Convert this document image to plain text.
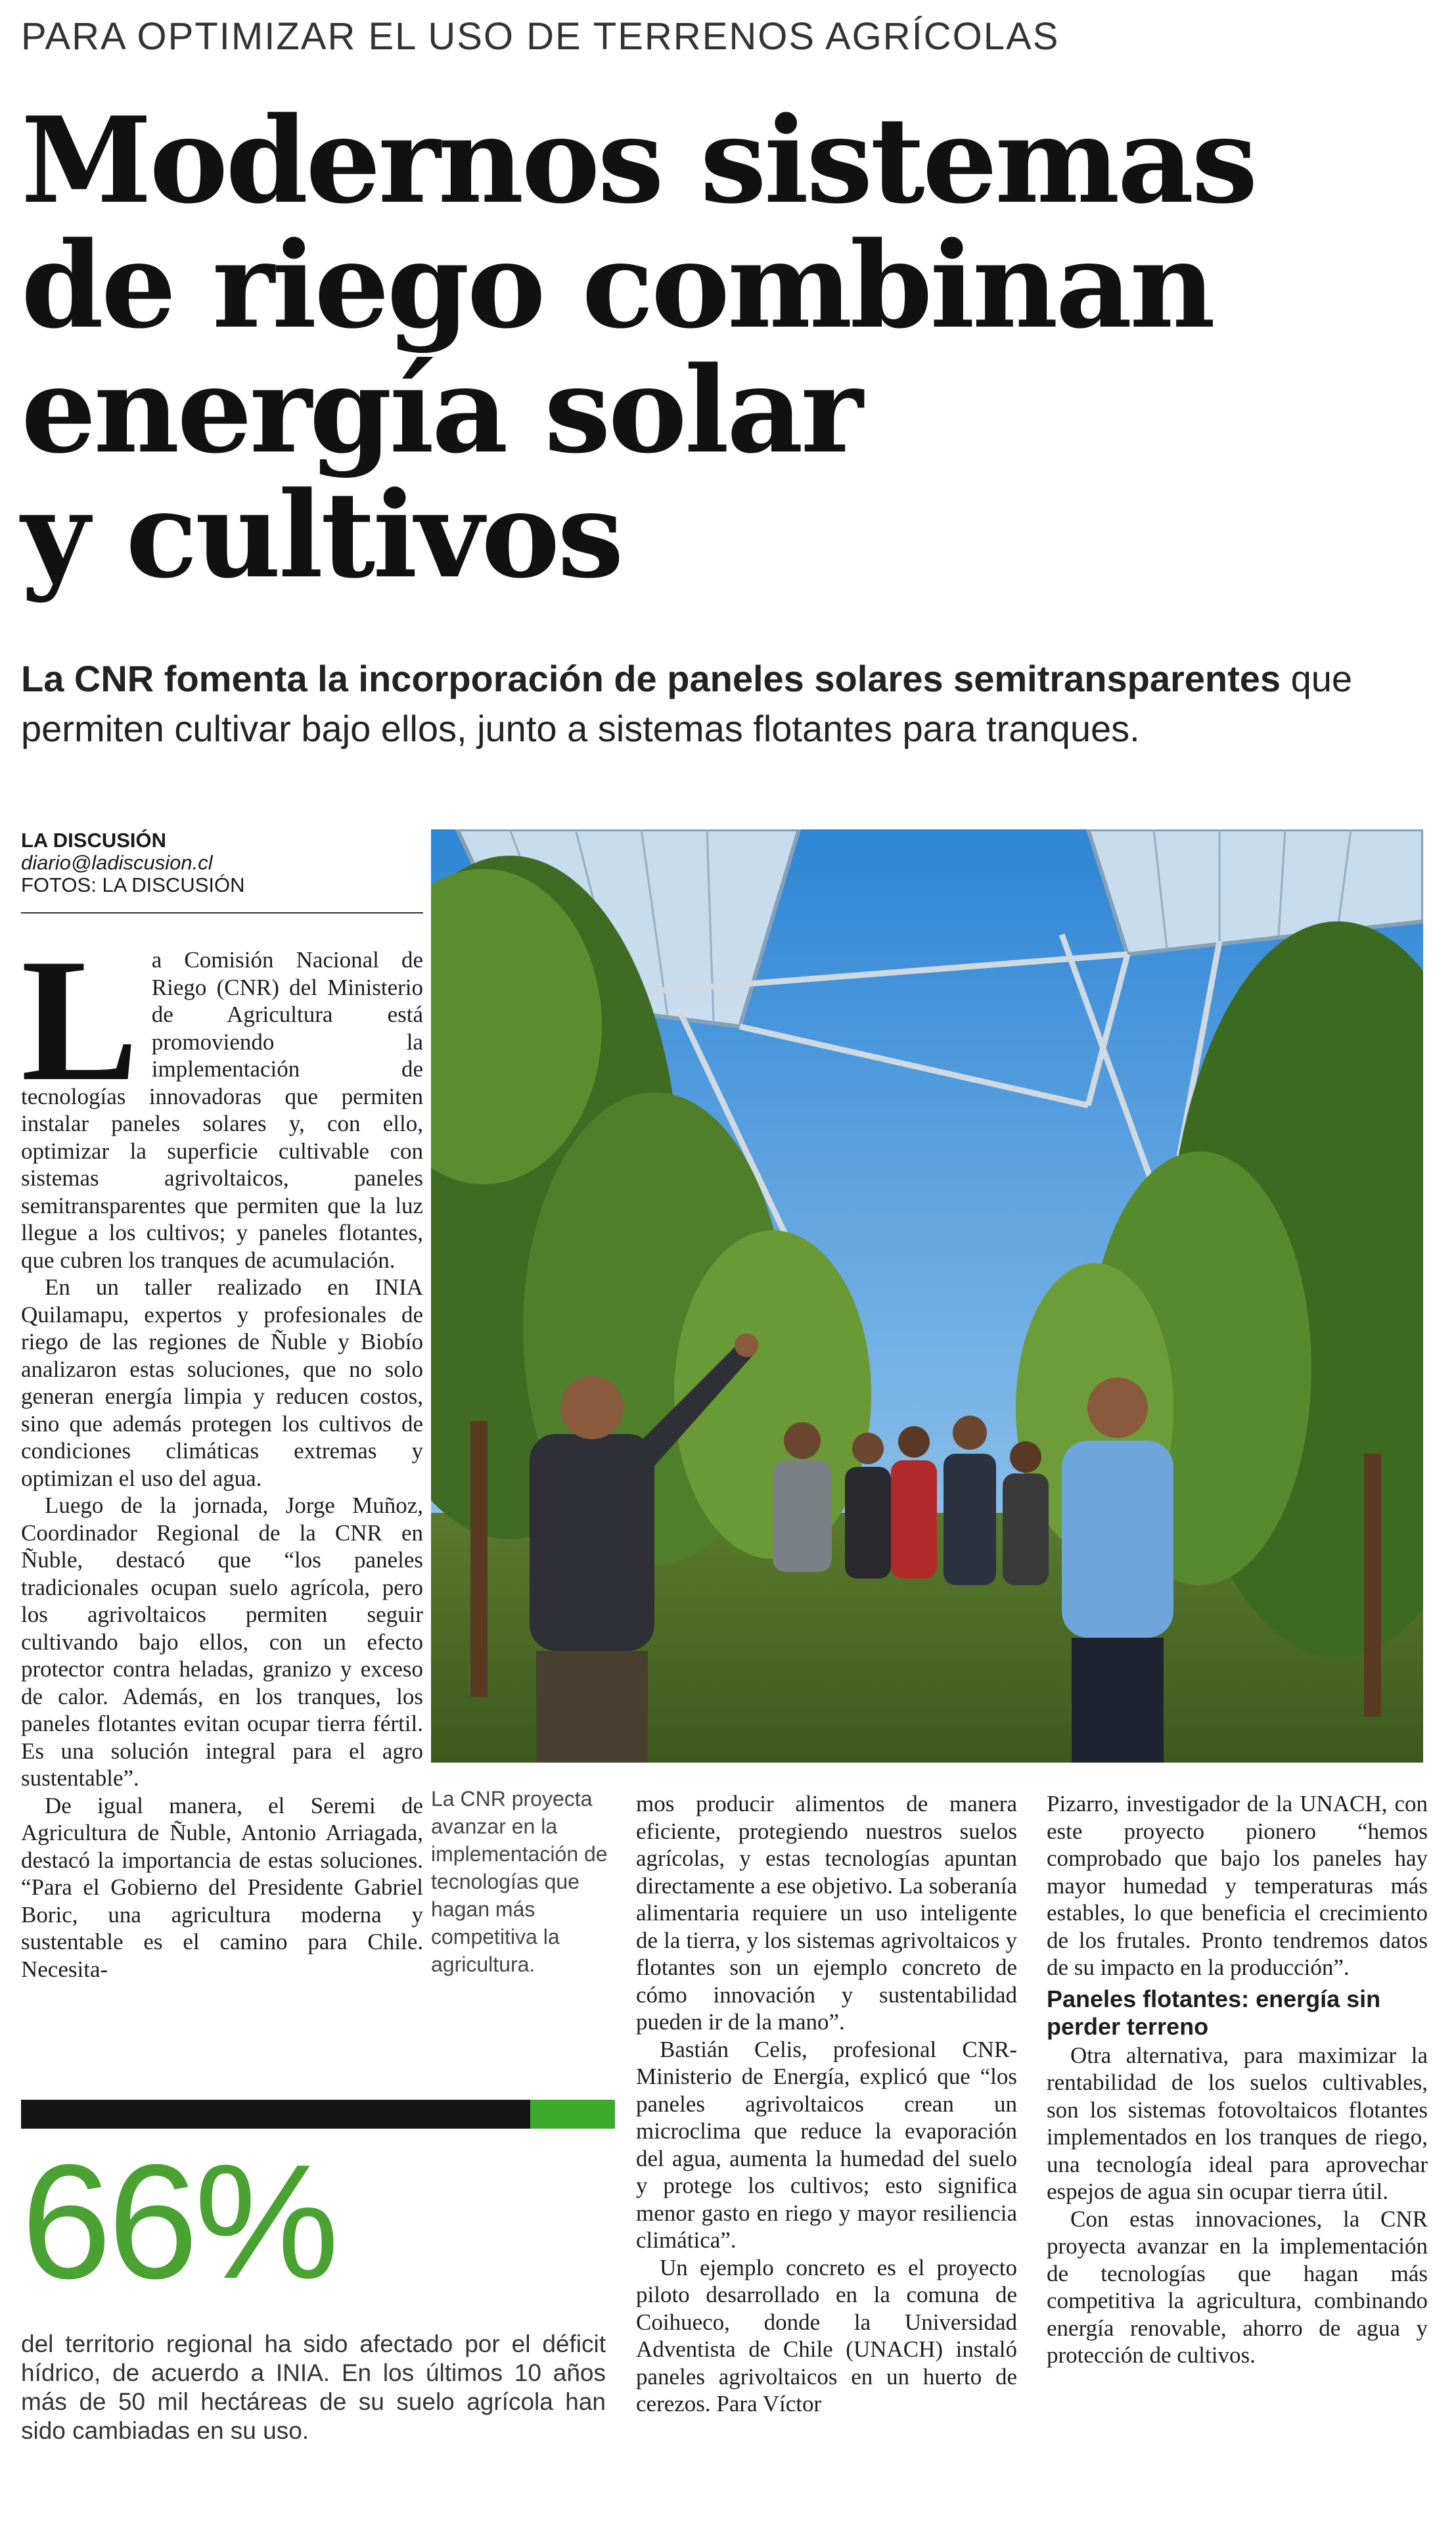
PARA OPTIMIZAR EL USO DE TERRENOS AGRÍCOLAS
Modernos sistemas
de riego combinan
energía solar
y cultivos
La CNR fomenta la incorporación de paneles solares semitransparentes que permiten cultivar bajo ellos, junto a sistemas flotantes para tranques.
LA DISCUSIÓN
diario@ladiscusion.cl
FOTOS: LA DISCUSIÓN

La Comisión Nacional de Riego (CNR) del Ministerio de Agricultura está promoviendo la implementación de tecnologías innovadoras que permiten instalar paneles solares y, con ello, optimizar la superficie cultivable con sistemas agrivoltaicos, paneles semitransparentes que permiten que la luz llegue a los cultivos; y paneles flotantes, que cubren los tranques de acumulación.

En un taller realizado en INIA Quilamapu, expertos y profesionales de riego de las regiones de Ñuble y Biobío analizaron estas soluciones, que no solo generan energía limpia y reducen costos, sino que además protegen los cultivos de condiciones climáticas extremas y optimizan el uso del agua.

Luego de la jornada, Jorge Muñoz, Coordinador Regional de la CNR en Ñuble, destacó que “los paneles tradicionales ocupan suelo agrícola, pero los agrivoltaicos permiten seguir cultivando bajo ellos, con un efecto protector contra heladas, granizo y exceso de calor. Además, en los tranques, los paneles flotantes evitan ocupar tierra fértil. Es una solución integral para el agro sustentable”.

De igual manera, el Seremi de Agricultura de Ñuble, Antonio Arriagada, destacó la importancia de estas soluciones. “Para el Gobierno del Presidente Gabriel Boric, una agricultura moderna y sustentable es el camino para Chile. Necesita-

La CNR proyecta avanzar en la implementación de tecnologías que hagan más competitiva la agricultura.

mos producir alimentos de manera eficiente, protegiendo nuestros suelos agrícolas, y estas tecnologías apuntan directamente a ese objetivo. La soberanía alimentaria requiere un uso inteligente de la tierra, y los sistemas agrivoltaicos y flotantes son un ejemplo concreto de cómo innovación y sustentabilidad pueden ir de la mano”.

Bastián Celis, profesional CNR-Ministerio de Energía, explicó que “los paneles agrivoltaicos crean un microclima que reduce la evaporación del agua, aumenta la humedad del suelo y protege los cultivos; esto significa menor gasto en riego y mayor resiliencia climática”.

Un ejemplo concreto es el proyecto piloto desarrollado en la comuna de Coihueco, donde la Universidad Adventista de Chile (UNACH) instaló paneles agrivoltaicos en un huerto de cerezos. Para Víctor

Pizarro, investigador de la UNACH, con este proyecto pionero “hemos comprobado que bajo los paneles hay mayor humedad y temperaturas más estables, lo que beneficia el crecimiento de los frutales. Pronto tendremos datos de su impacto en la producción”.

Paneles flotantes: energía sin perder terreno

Otra alternativa, para maximizar la rentabilidad de los suelos cultivables, son los sistemas fotovoltaicos flotantes implementados en los tranques de riego, una tecnología ideal para aprovechar espejos de agua sin ocupar tierra útil.

Con estas innovaciones, la CNR proyecta avanzar en la implementación de tecnologías que hagan más competitiva la agricultura, combinando energía renovable, ahorro de agua y protección de cultivos.

66%
del territorio regional ha sido afectado por el déficit hídrico, de acuerdo a INIA. En los últimos 10 años más de 50 mil hectáreas de su suelo agrícola han sido cambiadas en su uso.
